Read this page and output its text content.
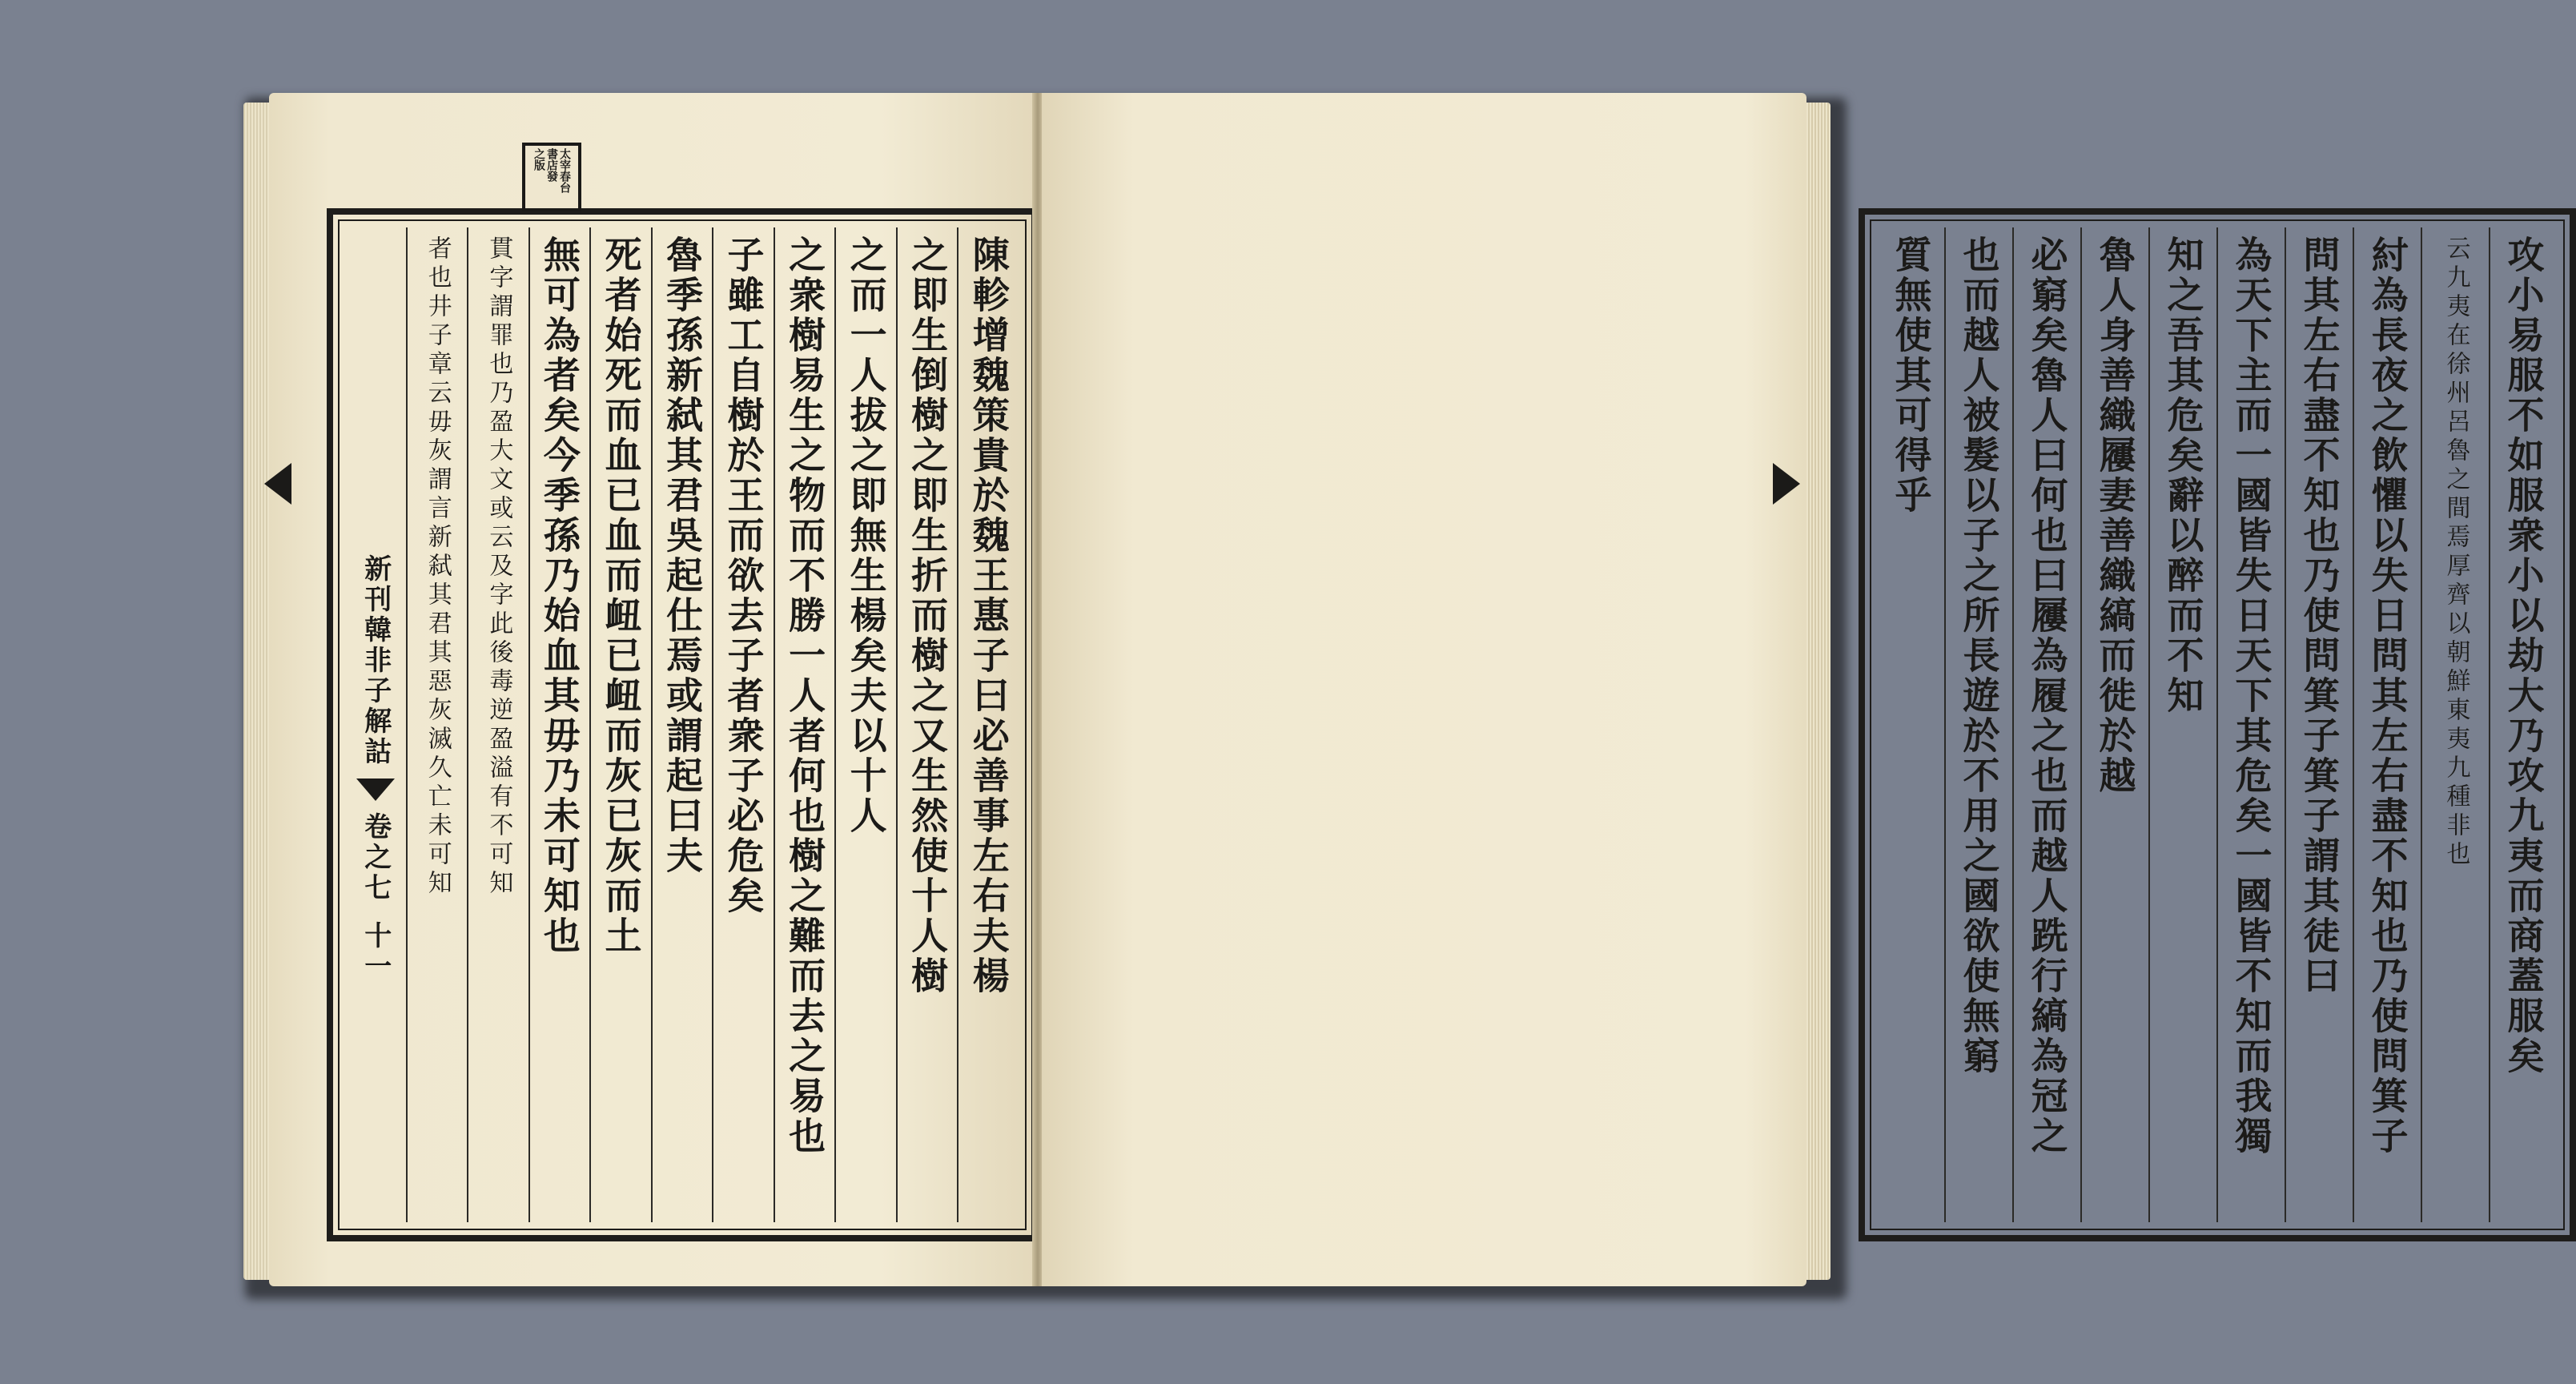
陳軫增魏策貴於魏王惠子曰必善事左右夫楊
之即生倒樹之即生折而樹之又生然使十人樹
之而一人拔之即無生楊矣夫以十人
之衆樹易生之物而不勝一人者何也樹之難而去之易也
子雖工自樹於王而欲去子者衆子必危矣
魯季孫新弑其君吳起仕焉或謂起曰夫
死者始死而血已血而衄已衄而灰已灰而土
無可為者矣今季孫乃始血其毋乃未可知也
貫字謂罪也乃盈大文或云及字此後毒逆盈溢有不可知
者也井子章云毋灰謂言新弑其君其惡灰滅久亡未可知
新刊韓非子解詁
卷之七
十一	攻小易服不如服衆小以劫大乃攻九夷而商蓋服矣
云九夷在徐州呂魯之間焉厚齊以朝鮮東夷九種非也
紂為長夜之飲懼以失日問其左右盡不知也乃使問箕子
問其左右盡不知也乃使問箕子箕子謂其徒曰
為天下主而一國皆失日天下其危矣一國皆不知而我獨
知之吾其危矣辭以醉而不知
魯人身善織屨妻善織縞而徙於越
必窮矣魯人曰何也曰屨為履之也而越人跣行縞為冠之
也而越人被髮以子之所長遊於不用之國欲使無窮
質無使其可得乎
太宰春台
書店發
之版
